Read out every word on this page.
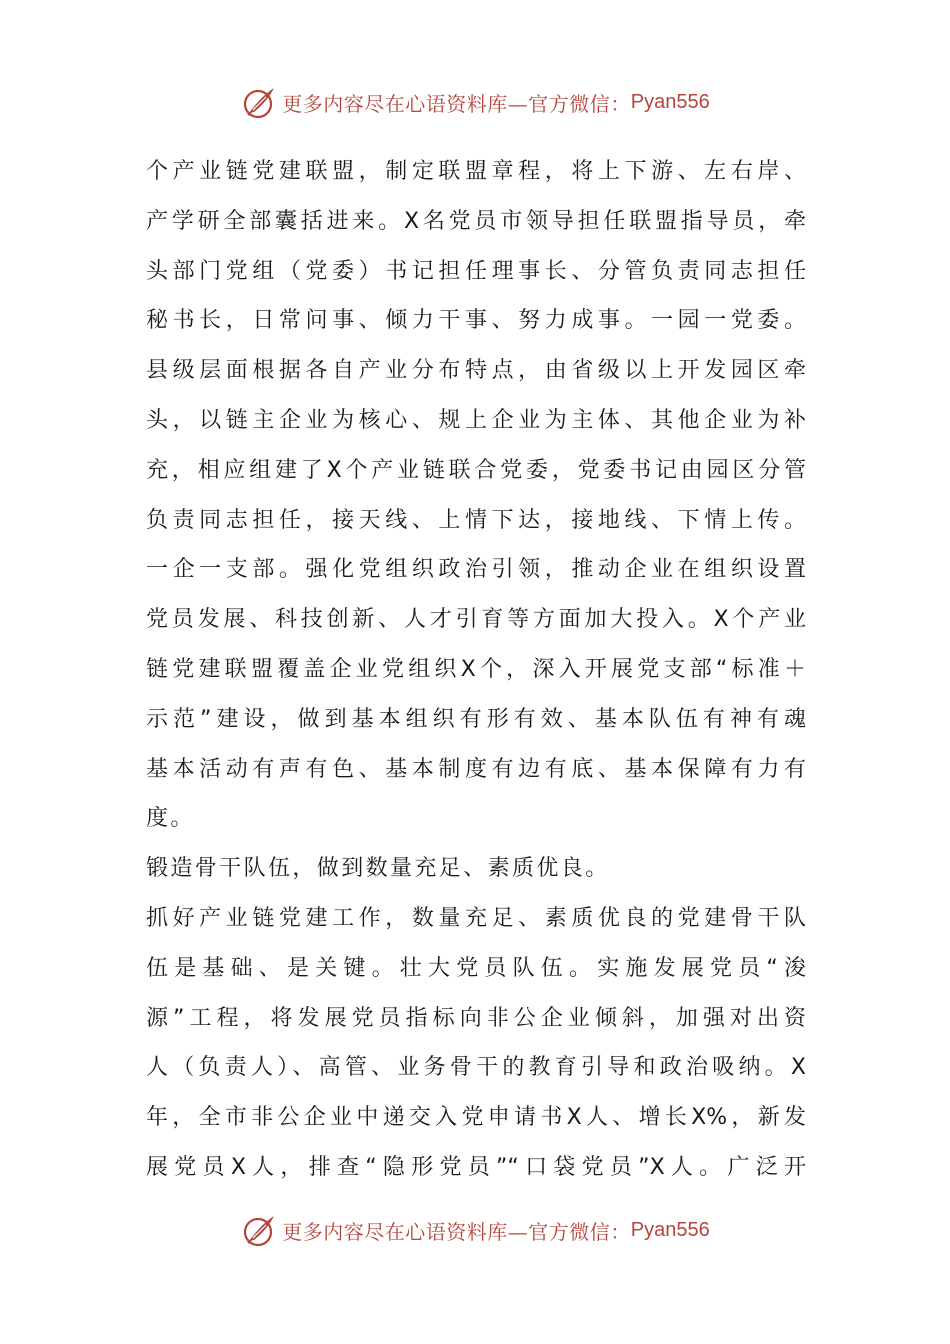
更多内容尽在心语资料库—官方微信： Pyan556
个产业链党建联盟，制定联盟章程，将上下游、左右岸、
产学研全部囊括进来。X名党员市领导担任联盟指导员，牵
头部门党组（党委）书记担任理事长、分管负责同志担任
秘书长，日常问事、倾力干事、努力成事。一园一党委。
县级层面根据各自产业分布特点，由省级以上开发园区牵
头，以链主企业为核心、规上企业为主体、其他企业为补
充，相应组建了X个产业链联合党委，党委书记由园区分管
负责同志担任，接天线、上情下达，接地线、下情上传。
一企一支部。强化党组织政治引领，推动企业在组织设置
党员发展、科技创新、人才引育等方面加大投入。X个产业
链党建联盟覆盖企业党组织X个，深入开展党支部“标准＋
示范”建设，做到基本组织有形有效、基本队伍有神有魂
基本活动有声有色、基本制度有边有底、基本保障有力有
度。
锻造骨干队伍，做到数量充足、素质优良。
抓好产业链党建工作，数量充足、素质优良的党建骨干队
伍是基础、是关键。壮大党员队伍。实施发展党员“浚
源”工程，将发展党员指标向非公企业倾斜，加强对出资
人（负责人）、高管、业务骨干的教育引导和政治吸纳。X
年，全市非公企业中递交入党申请书X人、增长X%，新发
展党员X人，排查“隐形党员”“口袋党员”X人。广泛开
更多内容尽在心语资料库—官方微信： Pyan556
